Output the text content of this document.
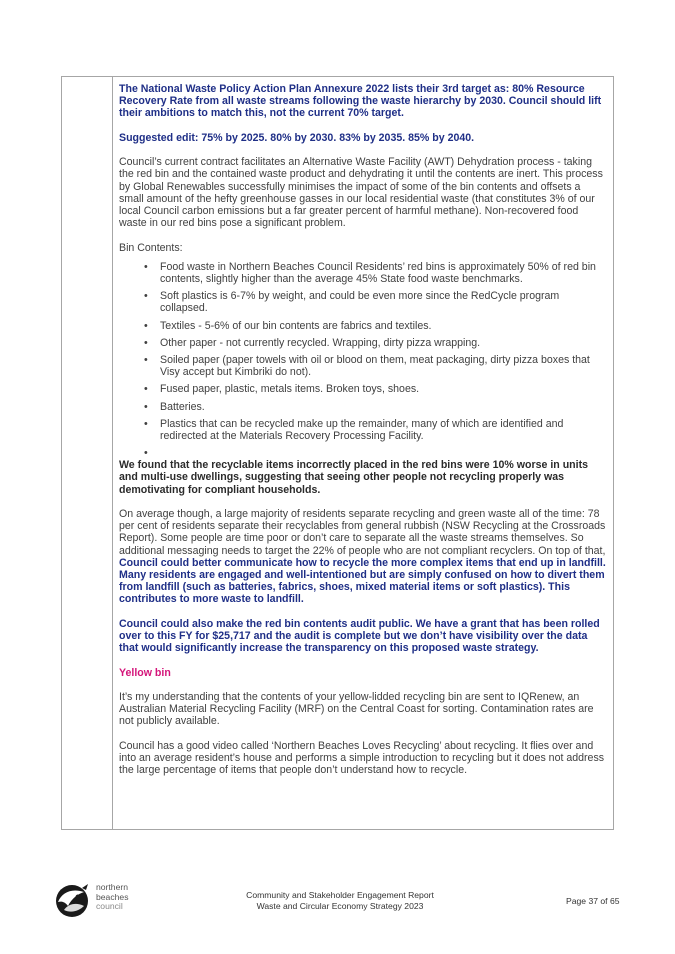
The National Waste Policy Action Plan Annexure 2022 lists their 3rd target as: 80% Resource Recovery Rate from all waste streams following the waste hierarchy by 2030. Council should lift their ambitions to match this, not the current 70% target.

Suggested edit: 75% by 2025. 80% by 2030. 83% by 2035. 85% by 2040.

Council’s current contract facilitates an Alternative Waste Facility (AWT) Dehydration process - taking the red bin and the contained waste product and dehydrating it until the contents are inert. This process by Global Renewables successfully minimises the impact of some of the bin contents and offsets a small amount of the hefty greenhouse gasses in our local residential waste (that constitutes 3% of our local Council carbon emissions but a far greater percent of harmful methane). Non-recovered food waste in our red bins pose a significant problem.

Bin Contents:

• Food waste in Northern Beaches Council Residents’ red bins is approximately 50% of red bin contents, slightly higher than the average 45% State food waste benchmarks.
• Soft plastics is 6-7% by weight, and could be even more since the RedCycle program collapsed.
• Textiles - 5-6% of our bin contents are fabrics and textiles.
• Other paper - not currently recycled. Wrapping, dirty pizza wrapping.
• Soiled paper (paper towels with oil or blood on them, meat packaging, dirty pizza boxes that Visy accept but Kimbriki do not).
• Fused paper, plastic, metals items. Broken toys, shoes.
• Batteries.
• Plastics that can be recycled make up the remainder, many of which are identified and redirected at the Materials Recovery Processing Facility.
•

We found that the recyclable items incorrectly placed in the red bins were 10% worse in units and multi-use dwellings, suggesting that seeing other people not recycling properly was demotivating for compliant households.

On average though, a large majority of residents separate recycling and green waste all of the time: 78 per cent of residents separate their recyclables from general rubbish (NSW Recycling at the Crossroads Report). Some people are time poor or don’t care to separate all the waste streams themselves. So additional messaging needs to target the 22% of people who are not compliant recyclers. On top of that, Council could better communicate how to recycle the more complex items that end up in landfill. Many residents are engaged and well-intentioned but are simply confused on how to divert them from landfill (such as batteries, fabrics, shoes, mixed material items or soft plastics). This contributes to more waste to landfill.

Council could also make the red bin contents audit public. We have a grant that has been rolled over to this FY for $25,717 and the audit is complete but we don’t have visibility over the data that would significantly increase the transparency on this proposed waste strategy.

Yellow bin

It’s my understanding that the contents of your yellow-lidded recycling bin are sent to IQRenew, an Australian Material Recycling Facility (MRF) on the Central Coast for sorting. Contamination rates are not publicly available.

Council has a good video called ‘Northern Beaches Loves Recycling’ about recycling. It flies over and into an average resident’s house and performs a simple introduction to recycling but it does not address the large percentage of items that people don’t understand how to recycle.

northern
beaches
council
Community and Stakeholder Engagement Report
Waste and Circular Economy Strategy 2023	Page 37 of 65
